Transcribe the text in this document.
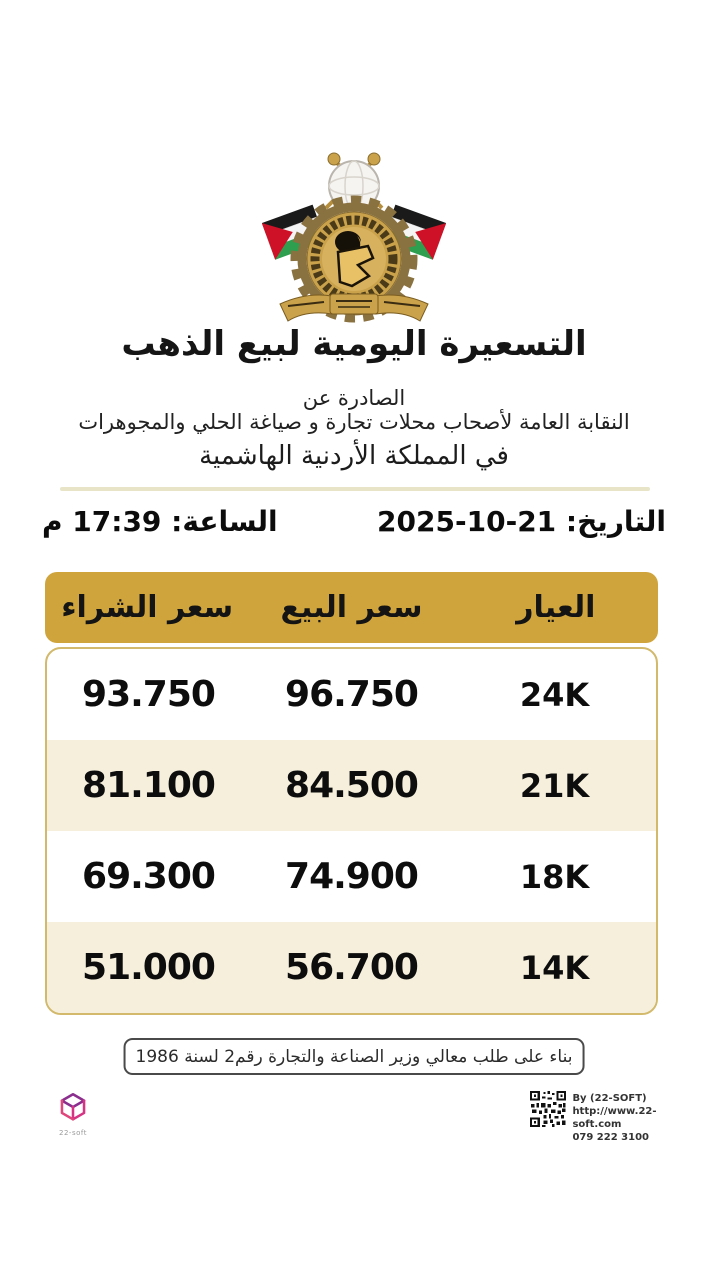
التسعيرة اليومية لبيع الذهب
الصادرة عن
النقابة العامة لأصحاب محلات تجارة و صياغة الحلي والمجوهرات
في المملكة الأردنية الهاشمية
التاريخ: 21-10-2025
الساعة: 17:39 م
العيار
سعر البيع
سعر الشراء
24K
96.750
93.750
21K
84.500
81.100
18K
74.900
69.300
14K
56.700
51.000
بناء على طلب معالي وزير الصناعة والتجارة رقم2 لسنة 1986
By (22-SOFT)
http://www.22-soft.com
079 222 3100
22-soft
